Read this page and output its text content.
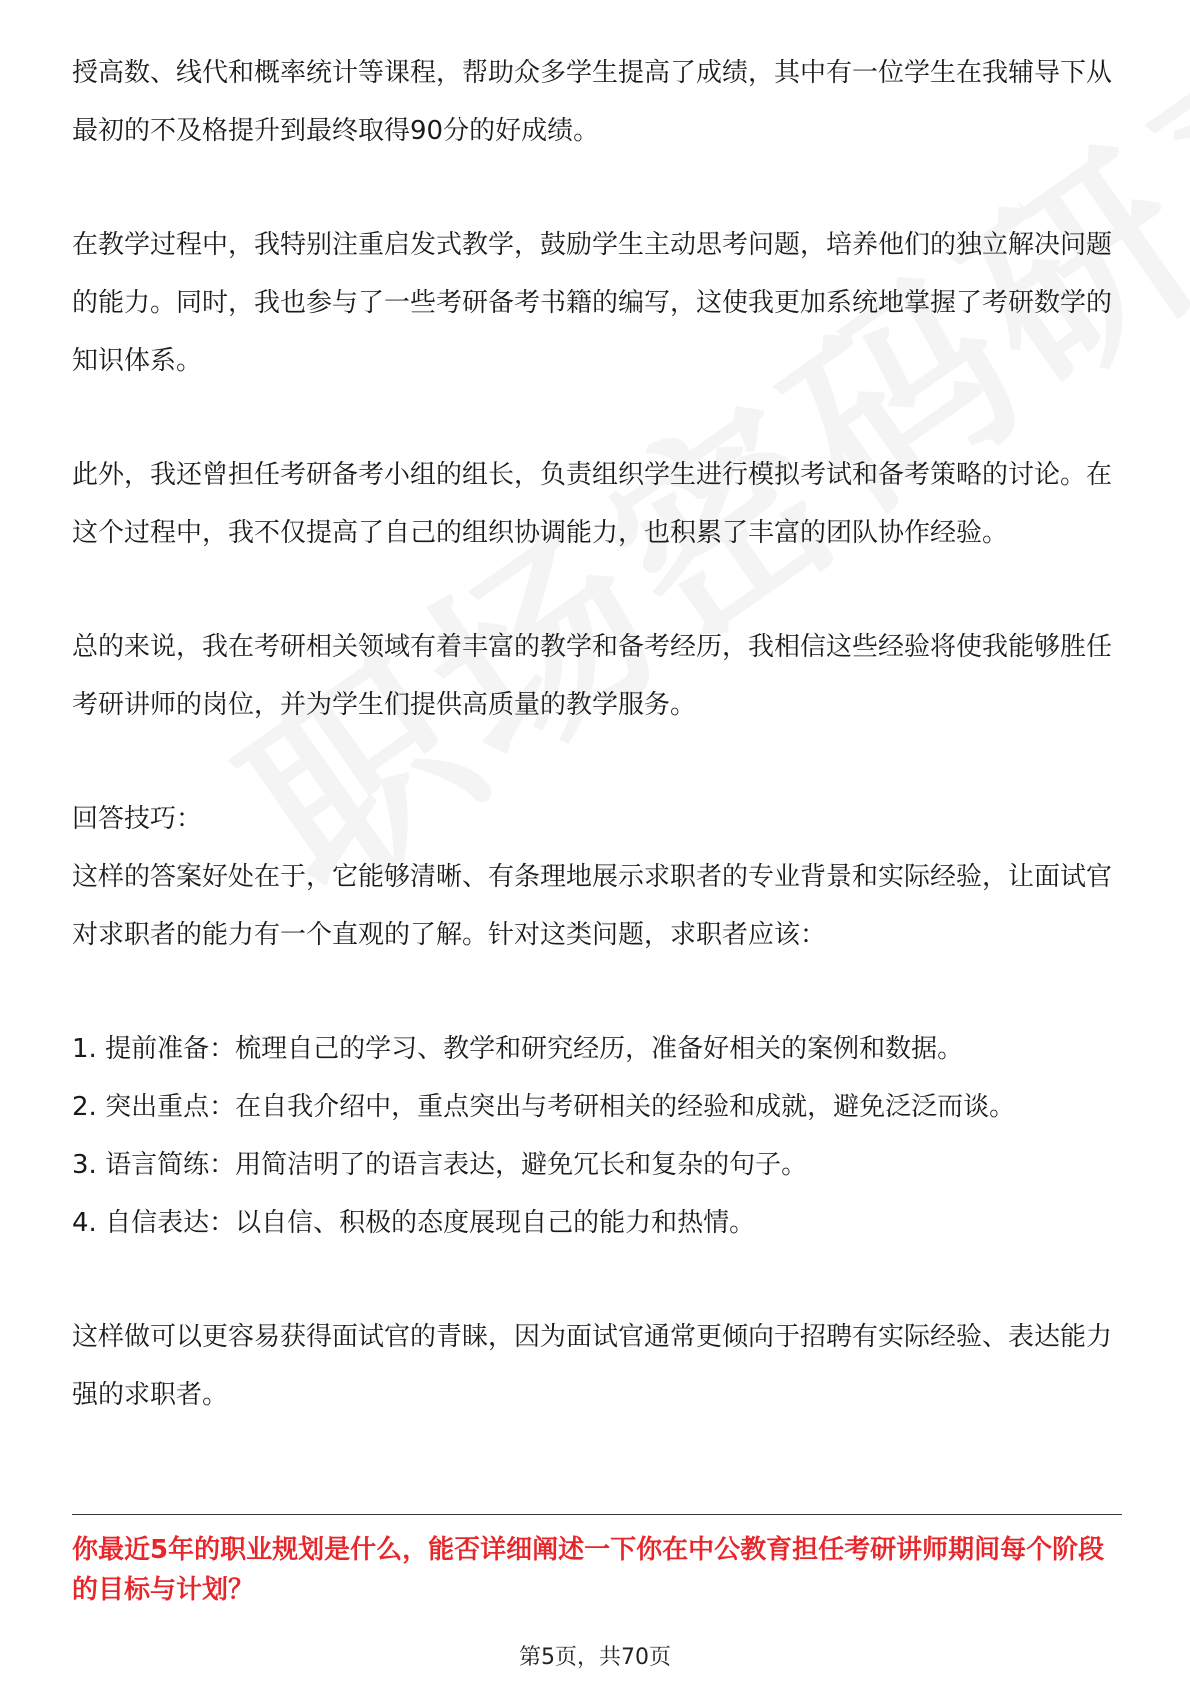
授高数、线代和概率统计等课程，帮助众多学生提高了成绩，其中有一位学生在我辅导下从最初的不及格提升到最终取得90分的好成绩。

在教学过程中，我特别注重启发式教学，鼓励学生主动思考问题，培养他们的独立解决问题的能力。同时，我也参与了一些考研备考书籍的编写，这使我更加系统地掌握了考研数学的知识体系。

此外，我还曾担任考研备考小组的组长，负责组织学生进行模拟考试和备考策略的讨论。在这个过程中，我不仅提高了自己的组织协调能力，也积累了丰富的团队协作经验。

总的来说，我在考研相关领域有着丰富的教学和备考经历，我相信这些经验将使我能够胜任考研讲师的岗位，并为学生们提供高质量的教学服务。

回答技巧：

这样的答案好处在于，它能够清晰、有条理地展示求职者的专业背景和实际经验，让面试官对求职者的能力有一个直观的了解。针对这类问题，求职者应该：

1. 提前准备：梳理自己的学习、教学和研究经历，准备好相关的案例和数据。
2. 突出重点：在自我介绍中，重点突出与考研相关的经验和成就，避免泛泛而谈。
3. 语言简练：用简洁明了的语言表达，避免冗长和复杂的句子。
4. 自信表达：以自信、积极的态度展现自己的能力和热情。

这样做可以更容易获得面试官的青睐，因为面试官通常更倾向于招聘有实际经验、表达能力强的求职者。

你最近5年的职业规划是什么，能否详细阐述一下你在中公教育担任考研讲师期间每个阶段的目标与计划？
第5页，共70页
